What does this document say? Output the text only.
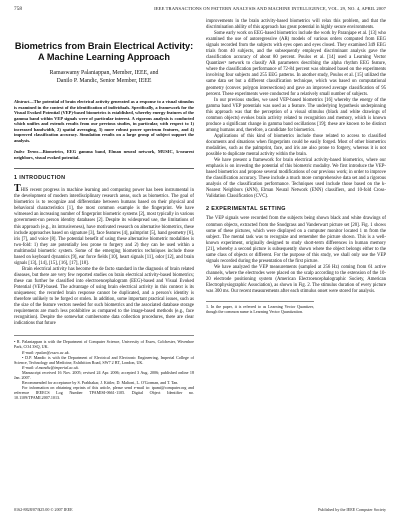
758	IEEE TRANSACTIONS ON PATTERN ANALYSIS AND MACHINE INTELLIGENCE, VOL. 29, NO. 4, APRIL 2007
Biometrics from Brain Electrical Activity:
A Machine Learning Approach
Ramaswamy Palaniappan, Member, IEEE, and
Danilo P. Mandic, Senior Member, IEEE
Abstract—The potential of brain electrical activity generated as a response to a visual stimulus is examined in the context of the identification of individuals. Specifically, a framework for the Visual Evoked Potential (VEP)-based biometrics is established, whereby energy features of the gamma band within VEP signals were of particular interest. A rigorous analysis is conducted which unifies and extends results from our previous studies, in particular, with respect to 1) increased bandwidth, 2) spatial averaging, 3) more robust power spectrum features, and 4) improved classification accuracy. Simulation results on a large group of subject support the analysis.
Index Terms—Biometrics, EEG gamma band, Elman neural network, MUSIC, k-nearest neighbors, visual evoked potential.
1 INTRODUCTION

THIS recent progress in machine learning and computing power has been instrumental in the development of modern interdisciplinary research areas, such as biometrics. The goal of biometrics is to recognize and differentiate between humans based on their physical and behavioral characteristics [1], the most common example is the fingerprint. We have witnessed an increasing number of fingerprint biometric systems [2], most typically in various government-run person identity databases [2]. Despite its widespread use, the limitations of this approach (e.g., its intrusiveness), have motivated research on alternative biometrics, these include approaches based on signature [3], face features [4], palmprint [5], hand geometry [6], iris [7], and voice [8]. The potential benefit of using these alternative biometric modalities is two-fold: 1) they are potentially less prone to forgery and 2) they can be used within a multimodal biometric system. Some of the emerging biometrics techniques include those based on keyboard dynamics [9], ear force fields [10], heart signals [11], odor [12], and brain signals [13], [14], [15], [16], [17], [18].

Brain electrical activity has become the de facto standard in the diagnosis of brain related diseases, but there are very few reported studies on brain electrical activity-based biometrics; these can further be classified into electroencephalogram (EEG)-based and Visual Evoked Potential (VEP)-based. The advantage of using brain electrical activity in this context is its uniqueness; the recorded brain response cannot be duplicated, and a person's identity is therefore unlikely to be forged or stolen. In addition, some important practical issues, such as the size of the feature vectors needed for such biometrics and the associated database storage requirements are much less prohibitive as compared to the image-based methods (e.g., face recognition). Despite the somewhat cumbersome data collection procedures, there are clear indications that future

• R. Palaniappan is with the Department of Computer Science, University of Essex, Colchester, Wivenhoe Park, CO4 3SQ, UK.

E-mail: rpalan@essex.ac.uk.

• D.P. Mandic is with the Department of Electrical and Electronic Engineering, Imperial College of Science, Technology and Medicine, Exhibition Road, SW7 2 BT, London, UK.

E-mail: d.mandic@imperial.ac.uk.

Manuscript received 16 Nov. 2005; revised 24 Apr. 2006; accepted 3 Aug. 2006; published online 18 Jan. 2007.

Recommended for acceptance by S. Prabhakar, J. Kittler, D. Maltoni, L. O'Gorman, and T. Tan.

For information on obtaining reprints of this article, please send e-mail to: tpami@computer.org and reference IEEECS Log Number TPAMISI-0661-1105. Digital Object Identifier no. 10.1109/TPAMI.2007.1013.

improvements in the brain activity-based biometrics will relax this problem, and that the discrimination ability of this approach has great potential in highly secure environments.

Some early work on EEG-based biometrics include the work by Paranjape et al. [13] who examined the use of autoregressive (AR) models of various orders computed from EEG signals recorded from the subjects with eyes open and eyes closed. They examined 349 EEG trials from 40 subjects, and the subsequently employed discriminant analysis gave the classification accuracy of about 80 percent. Poulos et al. [14] used a Learning Vector Quantizer¹ network to classify AR parameters describing the alpha rhythm EEG feature, where the classification performance of 72-84 percent was obtained based on the experiments involving four subjects and 255 EEG patterns. In another study, Poulos et al. [15] utilized the same data set but a different classification technique, which was based on computational geometry (convex polygon intersections) and gave an improved average classification of 95 percent. These experiments were conducted for a relatively small number of subjects.

In our previous studies, we used VEP-based biometrics [16] whereby the energy of the gamma band VEP potentials was used as a feature. The underlying hypothesis underpinning this approach was that the perception of a visual stimulus (black and white drawings of common objects) evokes brain activity related to recognition and memory, which is known produce a significant change in gamma band oscillations [19]; these are known to be distinct among humans and, therefore, a candidate for biometrics.

Applications of this kind of biometrics include those related to access to classified documents and situations when fingerprints could be easily forged. Most of other biometrics modalities, such as the palmprint, face, and iris are also prone to forgery, whereas it is not possible to duplicate mental activity within the brain.

We have present a framework for brain electrical activity-based biometrics, where our emphasis is on investing the potential of this biometric modality. We first introduce the VEP-based biometrics and propose several modifications of our previous work; in order to improve the classification accuracy. These include a much more comprehensive data set and a rigorous analysis of the classification performance. Techniques used include those based on the k-Nearest Neighbors (kNN), Elman Neural Network (ENN) classifiers, and 10-fold Cross-Validation Classification (CVC).

2 EXPERIMENTAL SETTING

The VEP signals were recorded from the subjects being shown black and white drawings of common objects, extracted from the Snodgrass and Vanderwart picture set [20]. Fig. 1 shows some of these pictures, which were displayed on a computer monitor located 1 m from the subject. The mental task was to recognize and remember the picture shown. This is a well-known experiment, originally designed to study short-term differences in human memory [21], whereby a second picture is subsequently shown where the object belongs either to the same class of objects or different. For the purpose of this study, we shall only use the VEP signals recorded during the presentation of the first picture.

We have analyzed the VEP measurements (sampled at 256 Hz) coming from 61 active channels, where the electrodes were placed on the scalp according to the extension of the 10-20 electrode positioning system (American Electroencephalographic Society, American Electrophysiographic Association), as shown in Fig. 2. The stimulus duration of every picture was 300 ms. Our recent measurements after each stimulus onset were stored for analysis.

1. In the paper, it is referred to as Learning Vector Quantizer, though the common name is Learning Vector Quantization.
0162-8828/07/$25.00 © 2007 IEEE	Published by the IEEE Computer Society
